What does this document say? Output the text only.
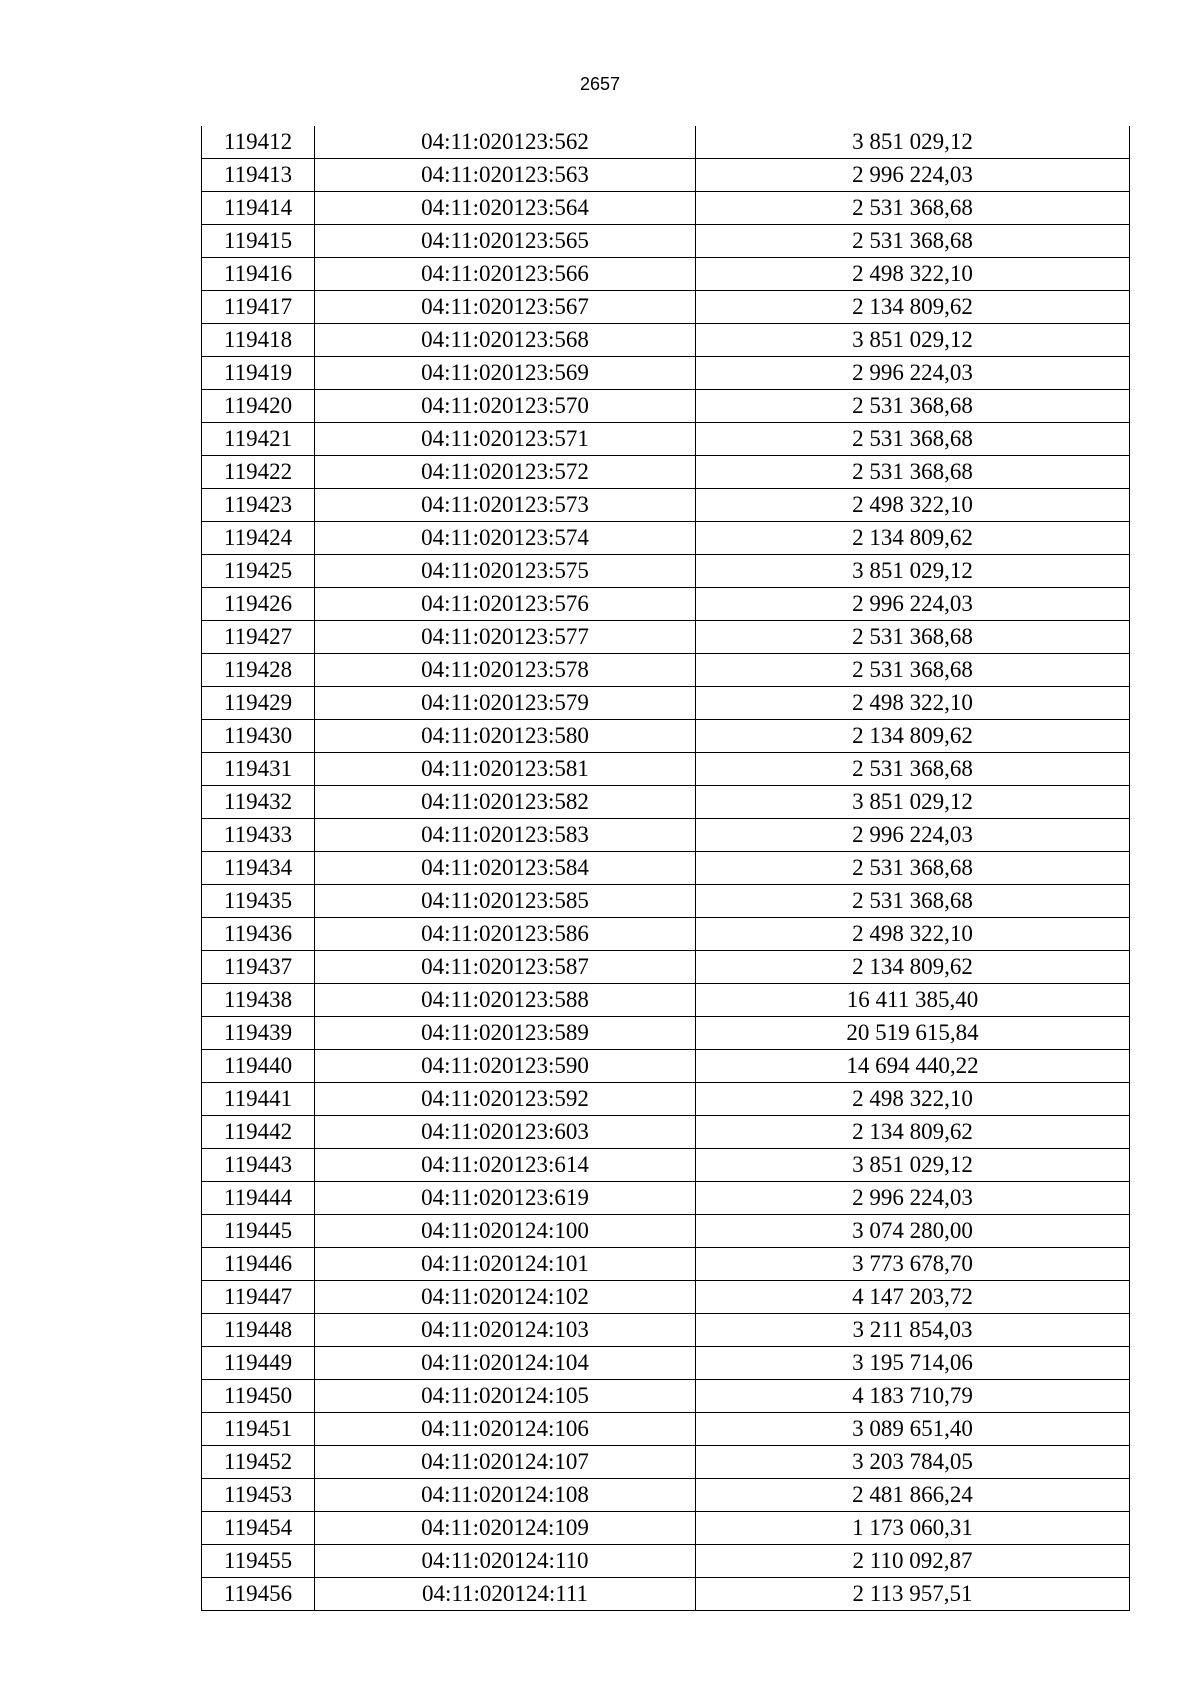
2657
119412	04:11:020123:562	3 851 029,12
119413	04:11:020123:563	2 996 224,03
119414	04:11:020123:564	2 531 368,68
119415	04:11:020123:565	2 531 368,68
119416	04:11:020123:566	2 498 322,10
119417	04:11:020123:567	2 134 809,62
119418	04:11:020123:568	3 851 029,12
119419	04:11:020123:569	2 996 224,03
119420	04:11:020123:570	2 531 368,68
119421	04:11:020123:571	2 531 368,68
119422	04:11:020123:572	2 531 368,68
119423	04:11:020123:573	2 498 322,10
119424	04:11:020123:574	2 134 809,62
119425	04:11:020123:575	3 851 029,12
119426	04:11:020123:576	2 996 224,03
119427	04:11:020123:577	2 531 368,68
119428	04:11:020123:578	2 531 368,68
119429	04:11:020123:579	2 498 322,10
119430	04:11:020123:580	2 134 809,62
119431	04:11:020123:581	2 531 368,68
119432	04:11:020123:582	3 851 029,12
119433	04:11:020123:583	2 996 224,03
119434	04:11:020123:584	2 531 368,68
119435	04:11:020123:585	2 531 368,68
119436	04:11:020123:586	2 498 322,10
119437	04:11:020123:587	2 134 809,62
119438	04:11:020123:588	16 411 385,40
119439	04:11:020123:589	20 519 615,84
119440	04:11:020123:590	14 694 440,22
119441	04:11:020123:592	2 498 322,10
119442	04:11:020123:603	2 134 809,62
119443	04:11:020123:614	3 851 029,12
119444	04:11:020123:619	2 996 224,03
119445	04:11:020124:100	3 074 280,00
119446	04:11:020124:101	3 773 678,70
119447	04:11:020124:102	4 147 203,72
119448	04:11:020124:103	3 211 854,03
119449	04:11:020124:104	3 195 714,06
119450	04:11:020124:105	4 183 710,79
119451	04:11:020124:106	3 089 651,40
119452	04:11:020124:107	3 203 784,05
119453	04:11:020124:108	2 481 866,24
119454	04:11:020124:109	1 173 060,31
119455	04:11:020124:110	2 110 092,87
119456	04:11:020124:111	2 113 957,51
